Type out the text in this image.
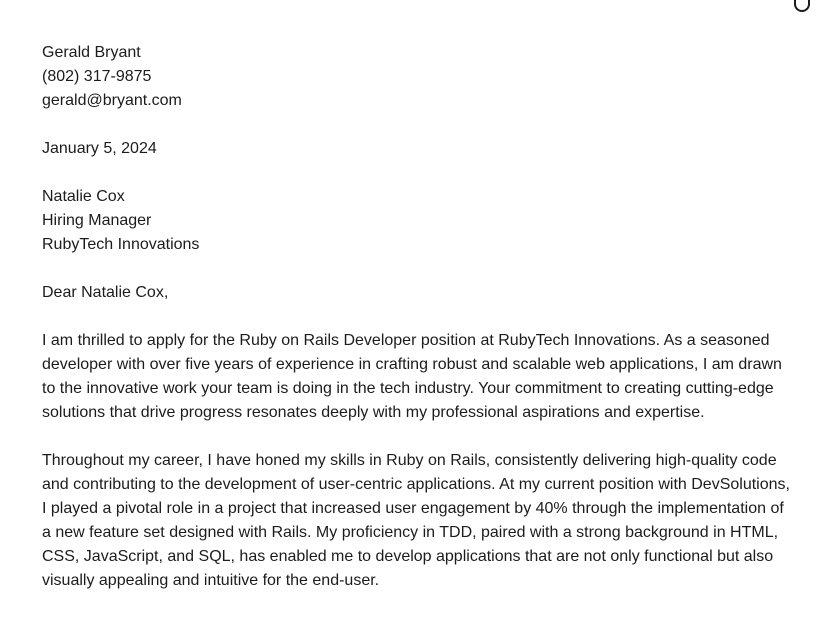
Gerald Bryant
(802) 317-9875
gerald@bryant.com
January 5, 2024
Natalie Cox
Hiring Manager
RubyTech Innovations
Dear Natalie Cox,

I am thrilled to apply for the Ruby on Rails Developer position at RubyTech Innovations. As a seasoned developer with over five years of experience in crafting robust and scalable web applications, I am drawn to the innovative work your team is doing in the tech industry. Your commitment to creating cutting-edge solutions that drive progress resonates deeply with my professional aspirations and expertise.

Throughout my career, I have honed my skills in Ruby on Rails, consistently delivering high-quality code and contributing to the development of user-centric applications. At my current position with DevSolutions, I played a pivotal role in a project that increased user engagement by 40% through the implementation of a new feature set designed with Rails. My proficiency in TDD, paired with a strong background in HTML, CSS, JavaScript, and SQL, has enabled me to develop applications that are not only functional but also visually appealing and intuitive for the end-user.
